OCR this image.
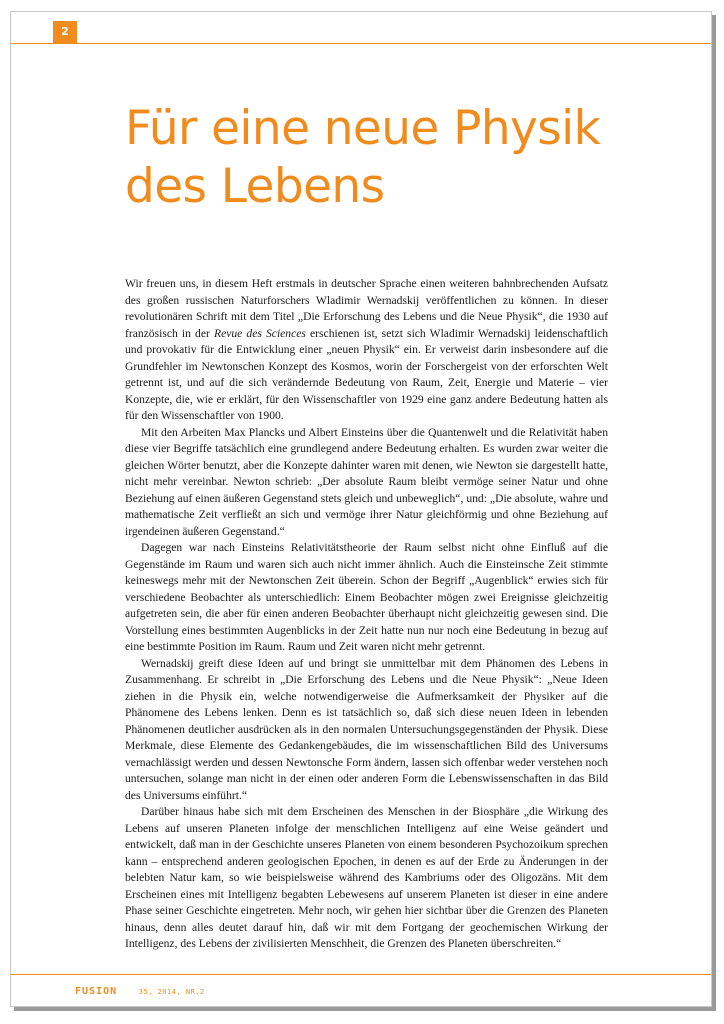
2
Für eine neue Physik
des Lebens

Wir freuen uns, in diesem Heft erstmals in deutscher Sprache einen weiteren bahnbrechenden Aufsatz des großen russischen Naturforschers Wladimir Wernadskij veröffentlichen zu können. In dieser revolutionären Schrift mit dem Titel „Die Erforschung des Lebens und die Neue Physik“, die 1930 auf französisch in der Revue des Sciences erschienen ist, setzt sich Wladimir Wernadskij leidenschaftlich und provokativ für die Entwicklung einer „neuen Physik“ ein. Er verweist darin insbesondere auf die Grundfehler im Newtonschen Konzept des Kosmos, worin der Forschergeist von der erforschten Welt getrennt ist, und auf die sich verändernde Bedeutung von Raum, Zeit, Energie und Materie – vier Konzepte, die, wie er erklärt, für den Wissenschaftler von 1929 eine ganz andere Bedeutung hatten als für den Wissenschaftler von 1900.

Mit den Arbeiten Max Plancks und Albert Einsteins über die Quantenwelt und die Relativität haben diese vier Begriffe tatsächlich eine grundlegend andere Bedeutung erhalten. Es wurden zwar weiter die gleichen Wörter benutzt, aber die Konzepte dahinter waren mit denen, wie Newton sie dargestellt hatte, nicht mehr vereinbar. Newton schrieb: „Der absolute Raum bleibt vermöge seiner Natur und ohne Beziehung auf einen äußeren Gegenstand stets gleich und unbeweglich“, und: „Die absolute, wahre und mathematische Zeit verfließt an sich und vermöge ihrer Natur gleichförmig und ohne Beziehung auf irgendeinen äußeren Gegenstand.“

Dagegen war nach Einsteins Relativitätstheorie der Raum selbst nicht ohne Einfluß auf die Gegenstände im Raum und waren sich auch nicht immer ähnlich. Auch die Einsteinsche Zeit stimmte keineswegs mehr mit der Newtonschen Zeit überein. Schon der Begriff „Augenblick“ erwies sich für verschiedene Beobachter als unterschiedlich: Einem Beobachter mögen zwei Ereignisse gleichzeitig aufgetreten sein, die aber für einen anderen Beobachter überhaupt nicht gleichzeitig gewesen sind. Die Vorstellung eines bestimmten Augenblicks in der Zeit hatte nun nur noch eine Bedeutung in bezug auf eine bestimmte Position im Raum. Raum und Zeit waren nicht mehr getrennt.

Wernadskij greift diese Ideen auf und bringt sie unmittelbar mit dem Phänomen des Lebens in Zusammenhang. Er schreibt in „Die Erforschung des Lebens und die Neue Physik“: „Neue Ideen ziehen in die Physik ein, welche notwendigerweise die Aufmerksamkeit der Physiker auf die Phänomene des Lebens lenken. Denn es ist tatsächlich so, daß sich diese neuen Ideen in lebenden Phänomenen deutlicher ausdrücken als in den normalen Untersuchungsgegenständen der Physik. Diese Merkmale, diese Elemente des Gedankengebäudes, die im wissenschaftlichen Bild des Universums vernachlässigt werden und dessen Newtonsche Form ändern, lassen sich offenbar weder verstehen noch untersuchen, solange man nicht in der einen oder anderen Form die Lebenswissenschaften in das Bild des Universums einführt.“

Darüber hinaus habe sich mit dem Erscheinen des Menschen in der Biosphäre „die Wirkung des Lebens auf unseren Planeten infolge der menschlichen Intelligenz auf eine Weise geändert und entwickelt, daß man in der Geschichte unseres Planeten von einem besonderen Psychozoikum sprechen kann – entsprechend anderen geologischen Epochen, in denen es auf der Erde zu Änderungen in der belebten Natur kam, so wie beispielsweise während des Kambriums oder des Oligozäns. Mit dem Erscheinen eines mit Intelligenz begabten Lebewesens auf unserem Planeten ist dieser in eine andere Phase seiner Geschichte eingetreten. Mehr noch, wir gehen hier sichtbar über die Grenzen des Planeten hinaus, denn alles deutet darauf hin, daß wir mit dem Fortgang der geochemischen Wirkung der Intelligenz, des Lebens der zivilisierten Menschheit, die Grenzen des Planeten überschreiten.“

FUSION	35, 2014, NR.2
